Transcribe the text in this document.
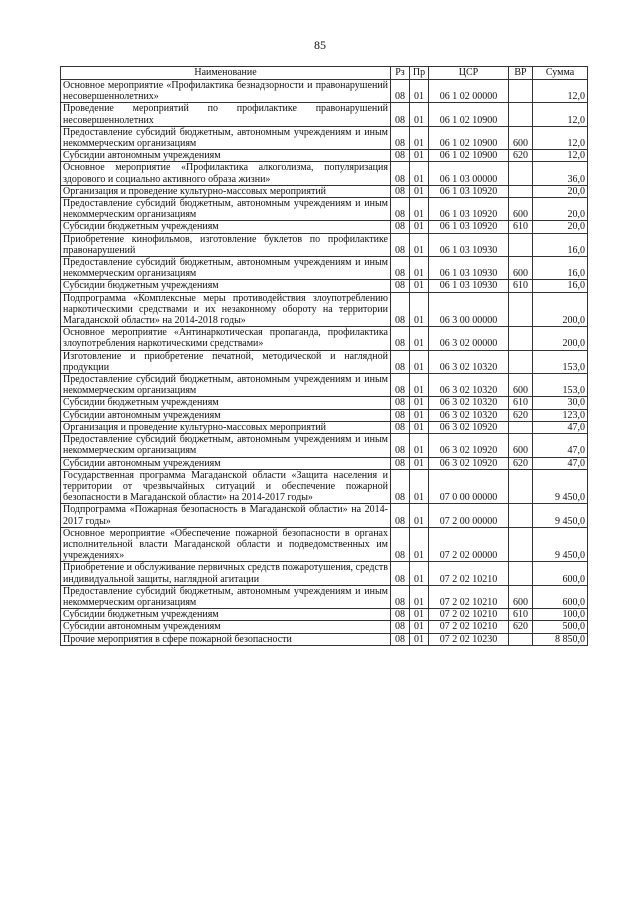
85
Наименование	Рз	Пр	ЦСР	ВР	Сумма
Основное мероприятие «Профилактика безнадзорности и правонарушений несовершеннолетних»	08	01	06 1 02 00000		12,0
Проведение мероприятий по профилактике правонарушений несовершеннолетних	08	01	06 1 02 10900		12,0
Предоставление субсидий бюджетным, автономным учреждениям и иным некоммерческим организациям	08	01	06 1 02 10900	600	12,0
Субсидии автономным учреждениям	08	01	06 1 02 10900	620	12,0
Основное мероприятие «Профилактика алкоголизма, популяризация здорового и социально активного образа жизни»	08	01	06 1 03 00000		36,0
Организация и проведение культурно-массовых мероприятий	08	01	06 1 03 10920		20,0
Предоставление субсидий бюджетным, автономным учреждениям и иным некоммерческим организациям	08	01	06 1 03 10920	600	20,0
Субсидии бюджетным учреждениям	08	01	06 1 03 10920	610	20,0
Приобретение кинофильмов, изготовление буклетов по профилактике правонарушений	08	01	06 1 03 10930		16,0
Предоставление субсидий бюджетным, автономным учреждениям и иным некоммерческим организациям	08	01	06 1 03 10930	600	16,0
Субсидии бюджетным учреждениям	08	01	06 1 03 10930	610	16,0
Подпрограмма «Комплексные меры противодействия злоупотреблению наркотическими средствами и их незаконному обороту на территории Магаданской области» на 2014-2018 годы»	08	01	06 3 00 00000		200,0
Основное мероприятие «Антинаркотическая пропаганда, профилактика злоупотребления наркотическими средствами»	08	01	06 3 02 00000		200,0
Изготовление и приобретение печатной, методической и наглядной продукции	08	01	06 3 02 10320		153,0
Предоставление субсидий бюджетным, автономным учреждениям и иным некоммерческим организациям	08	01	06 3 02 10320	600	153,0
Субсидии бюджетным учреждениям	08	01	06 3 02 10320	610	30,0
Субсидии автономным учреждениям	08	01	06 3 02 10320	620	123,0
Организация и проведение культурно-массовых мероприятий	08	01	06 3 02 10920		47,0
Предоставление субсидий бюджетным, автономным учреждениям и иным некоммерческим организациям	08	01	06 3 02 10920	600	47,0
Субсидии автономным учреждениям	08	01	06 3 02 10920	620	47,0
Государственная программа Магаданской области «Защита населения и территории от чрезвычайных ситуаций и обеспечение пожарной безопасности в Магаданской области» на 2014-2017 годы»	08	01	07 0 00 00000		9 450,0
Подпрограмма «Пожарная безопасность в Магаданской области» на 2014-2017 годы»	08	01	07 2 00 00000		9 450,0
Основное мероприятие «Обеспечение пожарной безопасности в органах исполнительной власти Магаданской области и подведомственных им учреждениях»	08	01	07 2 02 00000		9 450,0
Приобретение и обслуживание первичных средств пожаротушения, средств индивидуальной защиты, наглядной агитации	08	01	07 2 02 10210		600,0
Предоставление субсидий бюджетным, автономным учреждениям и иным некоммерческим организациям	08	01	07 2 02 10210	600	600,0
Субсидии бюджетным учреждениям	08	01	07 2 02 10210	610	100,0
Субсидии автономным учреждениям	08	01	07 2 02 10210	620	500,0
Прочие мероприятия в сфере пожарной безопасности	08	01	07 2 02 10230		8 850,0
